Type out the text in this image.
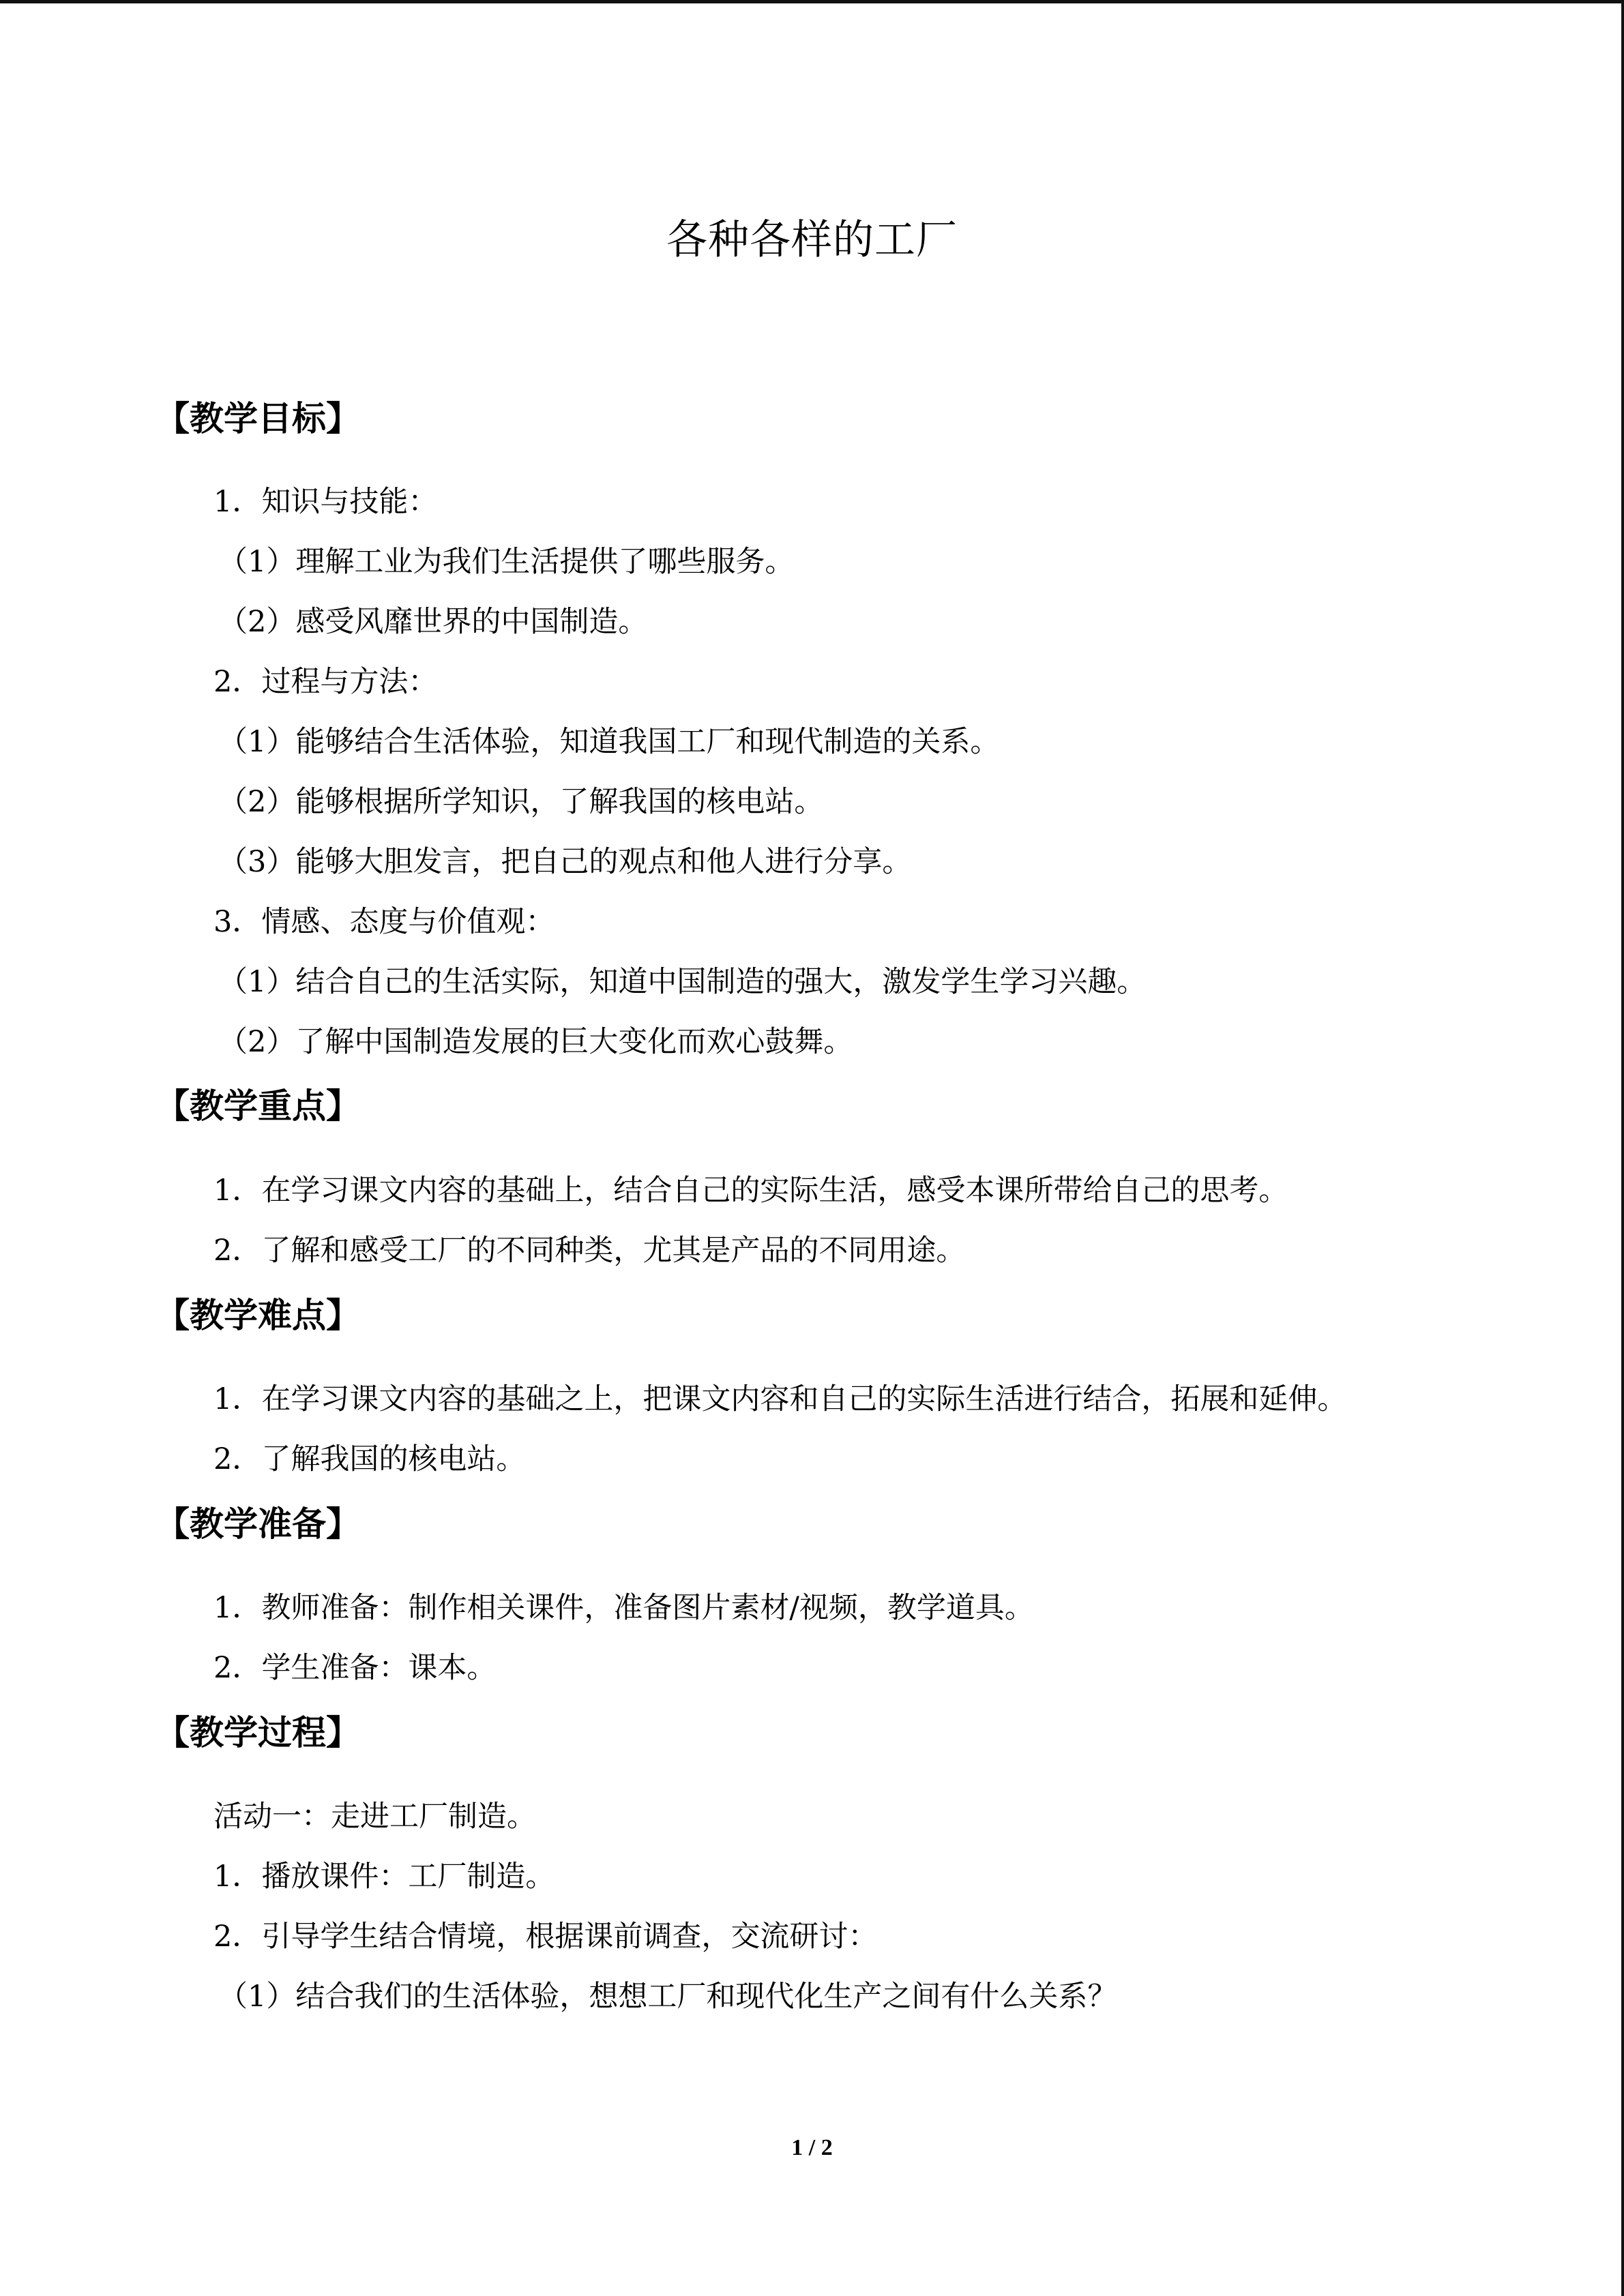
各种各样的工厂
【教学目标】
1．知识与技能：
（1）理解工业为我们生活提供了哪些服务。
（2）感受风靡世界的中国制造。
2．过程与方法：
（1）能够结合生活体验，知道我国工厂和现代制造的关系。
（2）能够根据所学知识，了解我国的核电站。
（3）能够大胆发言，把自己的观点和他人进行分享。
3．情感、态度与价值观：
（1）结合自己的生活实际，知道中国制造的强大，激发学生学习兴趣。
（2）了解中国制造发展的巨大变化而欢心鼓舞。
【教学重点】
1．在学习课文内容的基础上，结合自己的实际生活，感受本课所带给自己的思考。
2．了解和感受工厂的不同种类，尤其是产品的不同用途。
【教学难点】
1．在学习课文内容的基础之上，把课文内容和自己的实际生活进行结合，拓展和延伸。
2．了解我国的核电站。
【教学准备】
1．教师准备：制作相关课件，准备图片素材/视频，教学道具。
2．学生准备：课本。
【教学过程】
活动一：走进工厂制造。
1．播放课件：工厂制造。
2．引导学生结合情境，根据课前调查，交流研讨：
（1）结合我们的生活体验，想想工厂和现代化生产之间有什么关系？
1 / 2
